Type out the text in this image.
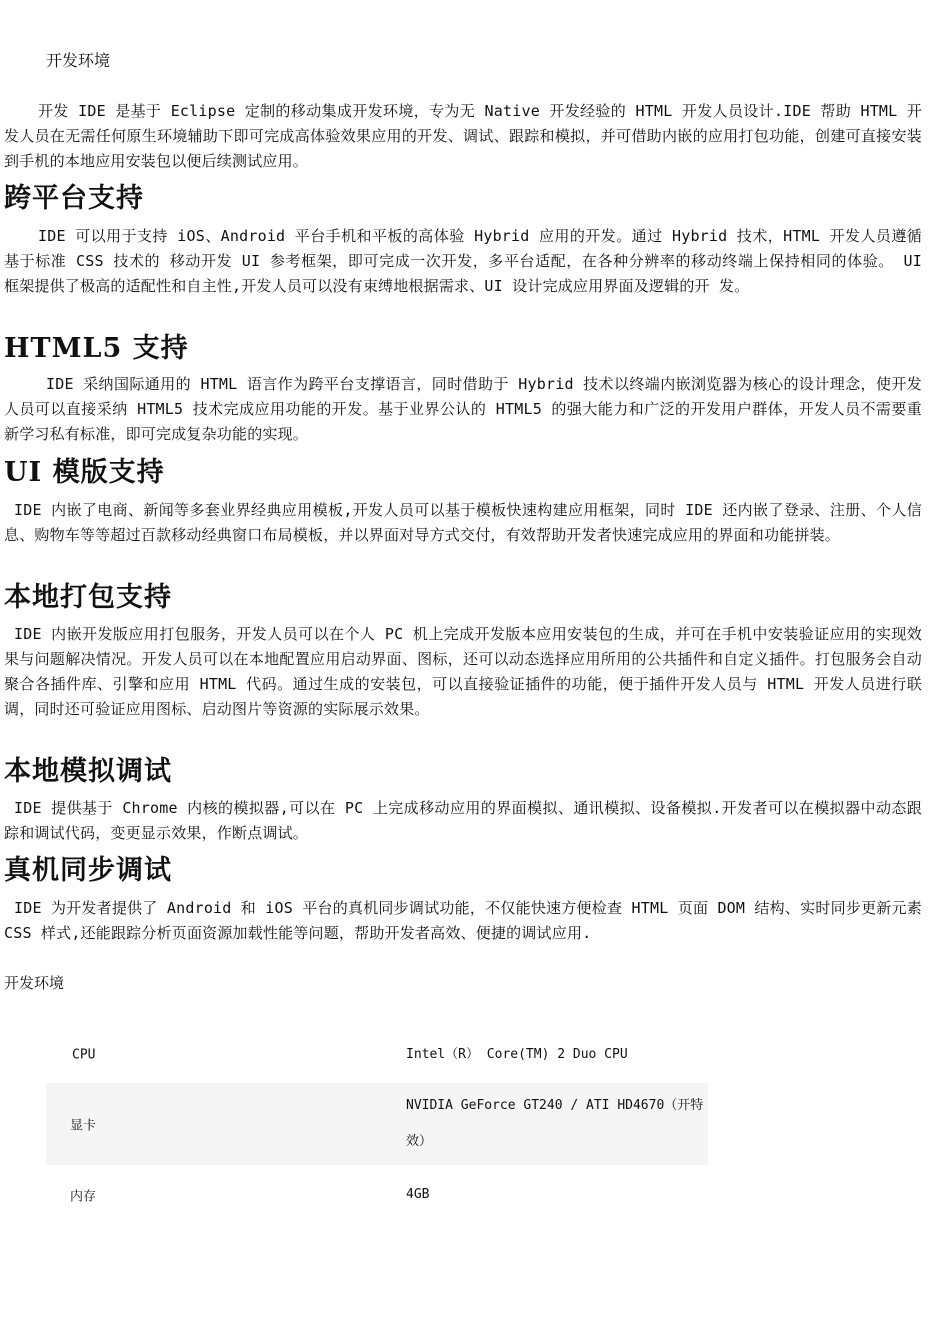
开发环境
开发 IDE 是基于 Eclipse 定制的移动集成开发环境，专为无 Native 开发经验的 HTML 开发人员设计.IDE 帮助 HTML 开发人员在无需任何原生环境辅助下即可完成高体验效果应用的开发、调试、跟踪和模拟，并可借助内嵌的应用打包功能，创建可直接安装到手机的本地应用安装包以便后续测试应用。
跨平台支持
IDE 可以用于支持 iOS、Android 平台手机和平板的高体验 Hybrid 应用的开发。通过 Hybrid 技术，HTML 开发人员遵循基于标准 CSS 技术的 移动开发 UI 参考框架，即可完成一次开发，多平台适配，在各种分辨率的移动终端上保持相同的体验。 UI 框架提供了极高的适配性和自主性,开发人员可以没有束缚地根据需求、UI 设计完成应用界面及逻辑的开 发。
HTML5 支持
IDE 采纳国际通用的 HTML 语言作为跨平台支撑语言，同时借助于 Hybrid 技术以终端内嵌浏览器为核心的设计理念，使开发人员可以直接采纳 HTML5 技术完成应用功能的开发。基于业界公认的 HTML5 的强大能力和广泛的开发用户群体，开发人员不需要重新学习私有标准，即可完成复杂功能的实现。
UI 模版支持
IDE 内嵌了电商、新闻等多套业界经典应用模板,开发人员可以基于模板快速构建应用框架，同时 IDE 还内嵌了登录、注册、个人信息、购物车等等超过百款移动经典窗口布局模板，并以界面对导方式交付，有效帮助开发者快速完成应用的界面和功能拼装。
本地打包支持
IDE 内嵌开发版应用打包服务，开发人员可以在个人 PC 机上完成开发版本应用安装包的生成，并可在手机中安装验证应用的实现效果与问题解决情况。开发人员可以在本地配置应用启动界面、图标，还可以动态选择应用所用的公共插件和自定义插件。打包服务会自动聚合各插件库、引擎和应用 HTML 代码。通过生成的安装包，可以直接验证插件的功能，便于插件开发人员与 HTML 开发人员进行联调，同时还可验证应用图标、启动图片等资源的实际展示效果。
本地模拟调试
IDE 提供基于 Chrome 内核的模拟器,可以在 PC 上完成移动应用的界面模拟、通讯模拟、设备模拟.开发者可以在模拟器中动态跟踪和调试代码，变更显示效果，作断点调试。
真机同步调试
IDE 为开发者提供了 Android 和 iOS 平台的真机同步调试功能，不仅能快速方便检查 HTML 页面 DOM 结构、实时同步更新元素 CSS 样式,还能跟踪分析页面资源加载性能等问题，帮助开发者高效、便捷的调试应用.
开发环境
CPU	Intel（R） Core(TM) 2 Duo CPU
显卡
NVIDIA GeForce GT240 / ATI HD4670（开特效）
内存	4GB
